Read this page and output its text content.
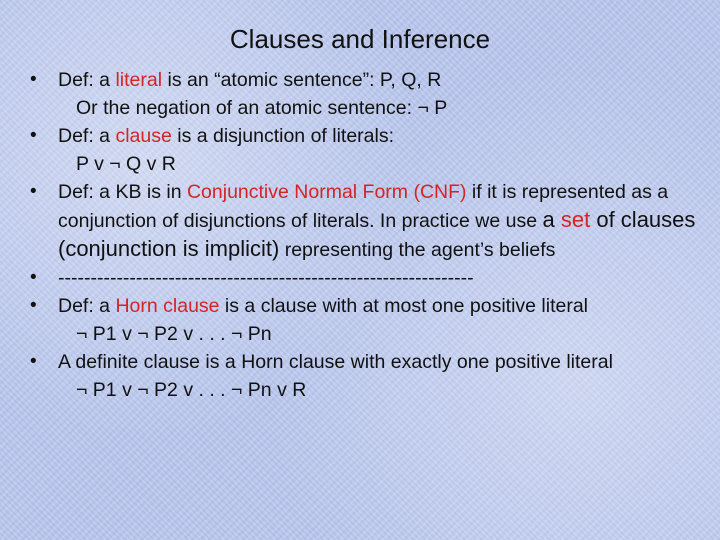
Clauses and Inference
• Def: a literal is an “atomic sentence”: P, Q, R
Or the negation of an atomic sentence: ¬ P
• Def: a clause is a disjunction of literals:
P v ¬ Q v R
• Def: a KB is in Conjunctive Normal Form (CNF) if it is represented as a conjunction of disjunctions of literals. In practice we use a set of clauses (conjunction is implicit) representing the agent’s beliefs
• ----------------------------------------------------------------
• Def: a Horn clause is a clause with at most one positive literal
¬ P1 v ¬ P2 v . . . ¬ Pn
• A definite clause is a Horn clause with exactly one positive literal
¬ P1 v ¬ P2 v . . . ¬ Pn v R
